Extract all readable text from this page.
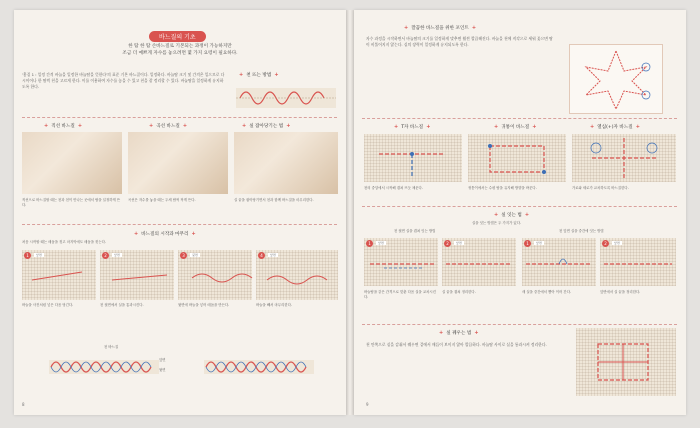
바느질의 기초
한 땀 한 땀 손바느질로 기본되는 과정이 가능하지만
조금 더 예쁘게 자수를 놓으려면 몇 가지 요령이 필요하다.
'홈질 1 : 일정 간격 바늘을 일정한 바늘땀을 뜻한다'의 표준 기본 바느질이다. 일정하다. 바늘땀 크기 및 간격은 일으므로 다시이어나 한 땀씩 천을 고르게 한다. 이를 이용하여 자수를 놓을 수 있고 천을 잘 정리할 수 있다. 바늘땀을 일정하게 유지하도록 한다.
+ 천 뜨는 방법 +
+ 직선 바느질 +	+ 곡선 바느질 +	+ 실 잡아당기는 법 +
직선으로 바느질할 때는 천과 천이 만나는 곳에서 땀을 일정하게 뜬다.
곡선은 자수를 놓을 때는 두세 땀씩 작게 뜬다.	실 끝을 잡아당기면서 천과 함께 바느질을 마무리한다.
+ 바느질의 시작과 마무리 +
처음 시작할 때는 매듭을 짓고 마지막에도 매듭을 짓는다.
1	2	3	4
앞면	앞면	뒷면	앞면
바늘을 사진처럼 넣은 다음 당긴다.	천 뒷면에서 실을 통과시킨다.	뒷면에 바늘을 넣어 매듭을 만든다.	바늘을 빼서 마무리한다.
천 바느질
앞면
뒷면
8
+ 깔끔한 바느질을 위한 포인트 +
자수 과정을 시작하면서 바늘땀의 크기를 일정하게 맞추면 훨씬 깔끔해진다. 바늘을 천에 직각으로 세워 꽂으면 땀이 비뚤어지지 않는다. 실의 장력이 일정하게 유지되도록 한다.
+ T자 바느질 +	+ 귀퉁이 바느질 +	+ 열십(+)자 바느질 +
천의 중앙에서 시작해 겹쳐 뜨듯 채운다.	귀퉁이에서는 수평 땀을 유지해 방향을 바꾼다.	가로와 세로가 교차하도록 바느질한다.
+ 실 잇는 법 +
실을 잇는 방법은 두 가지가 있다.
천 뒷면 실을 겹쳐 잇는 방법	천 앞면 실을 중간에 잇는 방법
1	2	1	2
앞면	앞면	앞면	앞면
바늘땀을 같은 간격으로 맞춘 다음 실을 교차시킨다.
실 끝을 겹쳐 정리한다.	새 실을 중간에서 뽑아 이어 간다.	앞면에서 실 끝을 정리한다.
+ 실 꿰우는 법 +
천 안쪽으로 실을 감춰서 꿰우면 겉에서 매듭이 보이지 않아 깔끔하다. 바늘땀 사이로 실을 통과시켜 정리한다.
9
